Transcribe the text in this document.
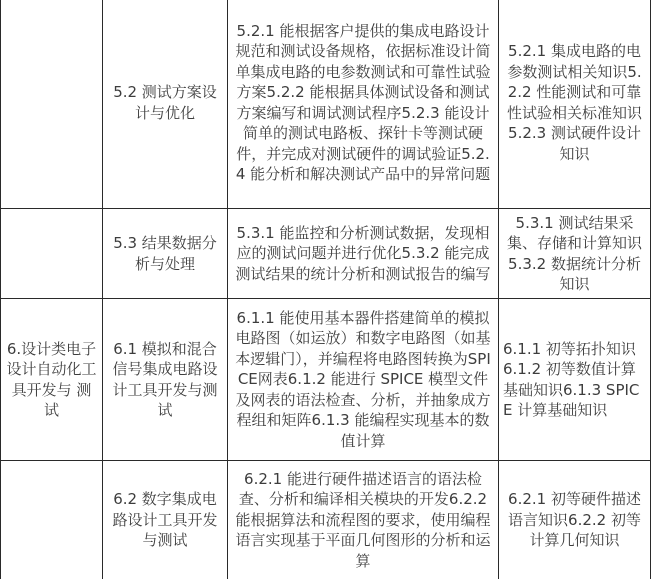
	5.2 测试方案设计与优化	5.2.1 能根据客户提供的集成电路设计规范和测试设备规格，依据标准设计简单集成电路的电参数测试和可靠性试验方案5.2.2 能根据具体测试设备和测试方案编写和调试测试程序5.2.3 能设计简单的测试电路板、探针卡等测试硬件，并完成对测试硬件的调试验证5.2.4 能分析和解决测试产品中的异常问题	5.2.1 集成电路的电参数测试相关知识5.2.2 性能测试和可靠性试验相关标准知识5.2.3 测试硬件设计知识
	5.3 结果数据分析与处理	5.3.1 能监控和分析测试数据，发现相应的测试问题并进行优化5.3.2 能完成测试结果的统计分析和测试报告的编写	5.3.1 测试结果采集、存储和计算知识5.3.2 数据统计分析知识
6.设计类电子 设计自动化工具开发与 测试	6.1 模拟和混合信号集成电路设计工具开发与测试	6.1.1 能使用基本器件搭建简单的模拟电路图（如运放）和数字电路图（如基本逻辑门），并编程将电路图转换为SPICE网表6.1.2 能进行 SPICE 模型文件及网表的语法检查、分析，并抽象成方程组和矩阵6.1.3 能编程实现基本的数值计算	6.1.1 初等拓扑知识6.1.2 初等数值计算基础知识6.1.3 SPICE 计算基础知识
	6.2 数字集成电路设计工具开发与测试	6.2.1 能进行硬件描述语言的语法检查、分析和编译相关模块的开发6.2.2 能根据算法和流程图的要求，使用编程语言实现基于平面几何图形的分析和运算	6.2.1 初等硬件描述语言知识6.2.2 初等计算几何知识
